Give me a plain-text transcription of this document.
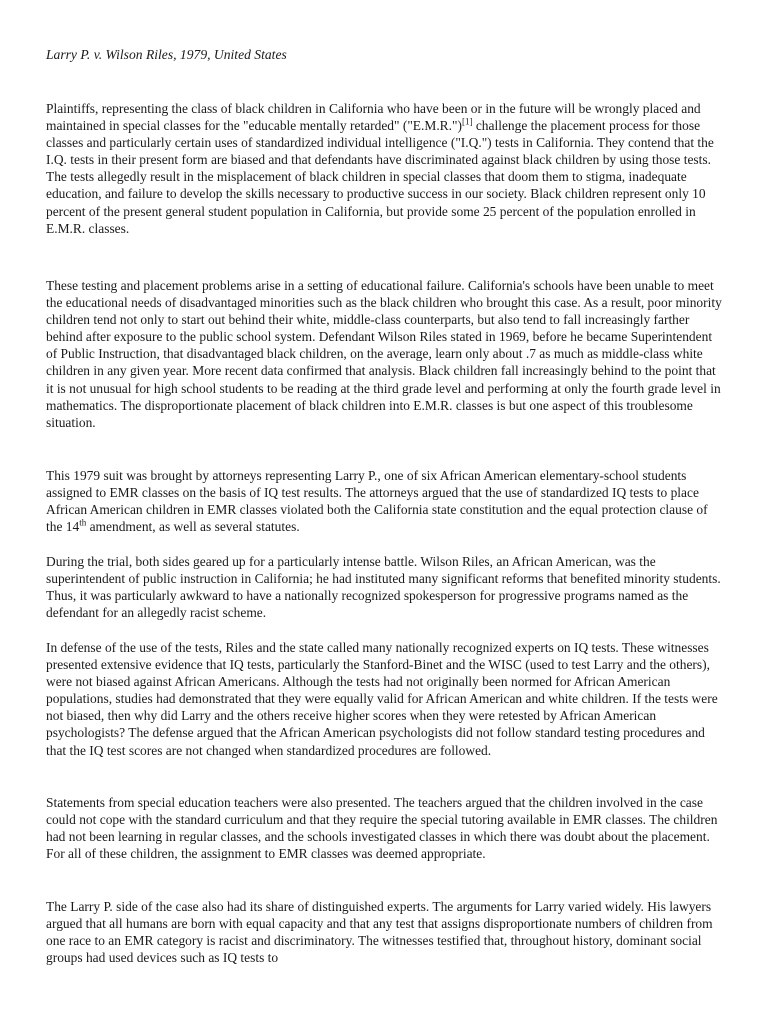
Larry P. v. Wilson Riles, 1979, United States

Plaintiffs, representing the class of black children in California who have been or in the future will be wrongly placed and maintained in special classes for the "educable mentally retarded" ("E.M.R.")[1] challenge the placement process for those classes and particularly certain uses of standardized individual intelligence ("I.Q.") tests in California. They contend that the I.Q. tests in their present form are biased and that defendants have discriminated against black children by using those tests. The tests allegedly result in the misplacement of black children in special classes that doom them to stigma, inadequate education, and failure to develop the skills necessary to productive success in our society. Black children represent only 10 percent of the present general student population in California, but provide some 25 percent of the population enrolled in E.M.R. classes.

These testing and placement problems arise in a setting of educational failure. California's schools have been unable to meet the educational needs of disadvantaged minorities such as the black children who brought this case. As a result, poor minority children tend not only to start out behind their white, middle-class counterparts, but also tend to fall increasingly farther behind after exposure to the public school system. Defendant Wilson Riles stated in 1969, before he became Superintendent of Public Instruction, that disadvantaged black children, on the average, learn only about .7 as much as middle-class white children in any given year. More recent data confirmed that analysis. Black children fall increasingly behind to the point that it is not unusual for high school students to be reading at the third grade level and performing at only the fourth grade level in mathematics. The disproportionate placement of black children into E.M.R. classes is but one aspect of this troublesome situation.

This 1979 suit was brought by attorneys representing Larry P., one of six African American elementary-school students assigned to EMR classes on the basis of IQ test results. The attorneys argued that the use of standardized IQ tests to place African American children in EMR classes violated both the California state constitution and the equal protection clause of the 14th amendment, as well as several statutes.

During the trial, both sides geared up for a particularly intense battle. Wilson Riles, an African American, was the superintendent of public instruction in California; he had instituted many significant reforms that benefited minority students. Thus, it was particularly awkward to have a nationally recognized spokesperson for progressive programs named as the defendant for an allegedly racist scheme.

In defense of the use of the tests, Riles and the state called many nationally recognized experts on IQ tests. These witnesses presented extensive evidence that IQ tests, particularly the Stanford-Binet and the WISC (used to test Larry and the others), were not biased against African Americans. Although the tests had not originally been normed for African American populations, studies had demonstrated that they were equally valid for African American and white children. If the tests were not biased, then why did Larry and the others receive higher scores when they were retested by African American psychologists? The defense argued that the African American psychologists did not follow standard testing procedures and that the IQ test scores are not changed when standardized procedures are followed.

Statements from special education teachers were also presented. The teachers argued that the children involved in the case could not cope with the standard curriculum and that they require the special tutoring available in EMR classes. The children had not been learning in regular classes, and the schools investigated classes in which there was doubt about the placement. For all of these children, the assignment to EMR classes was deemed appropriate.

The Larry P. side of the case also had its share of distinguished experts. The arguments for Larry varied widely. His lawyers argued that all humans are born with equal capacity and that any test that assigns disproportionate numbers of children from one race to an EMR category is racist and discriminatory. The witnesses testified that, throughout history, dominant social groups had used devices such as IQ tests to
